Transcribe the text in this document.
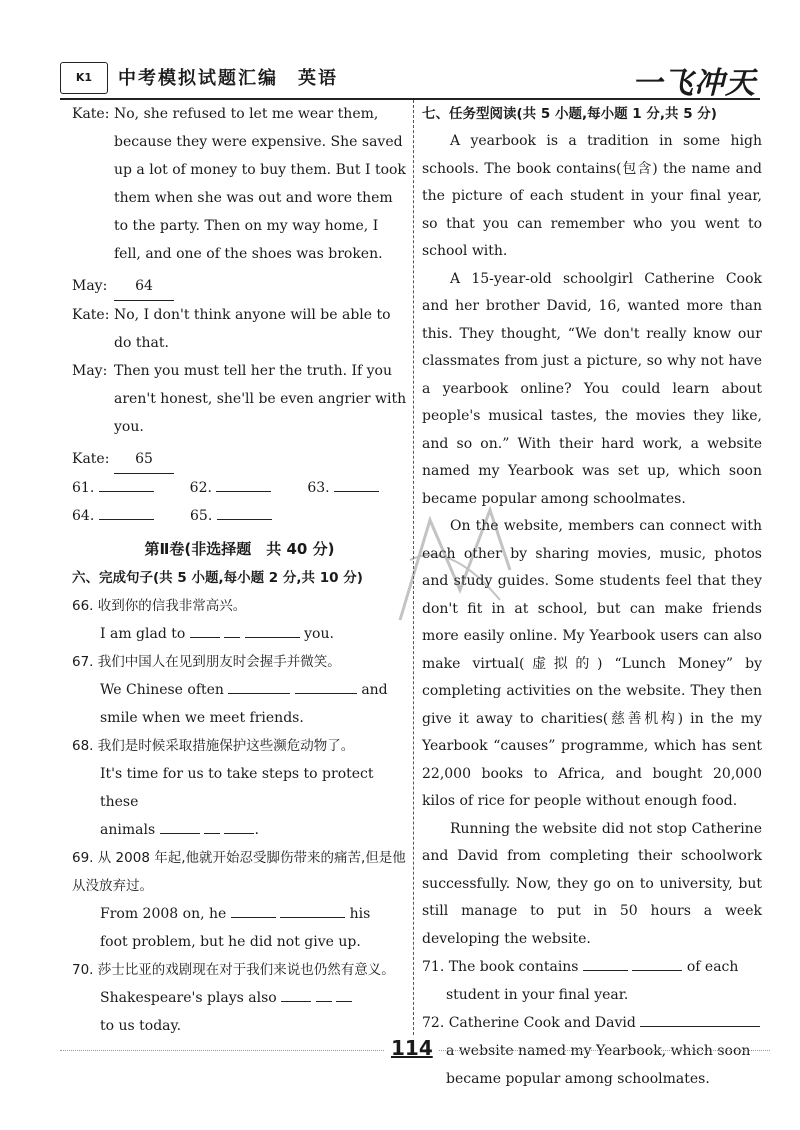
K1	中考模拟试题汇编　英语	一飞冲天
Kate: No, she refused to let me wear them, because they were expensive. She saved up a lot of money to buy them. But I took them when she was out and wore them to the party. Then on my way home, I fell, and one of the shoes was broken.
May:	64
Kate: No, I don't think anyone will be able to do that.
May: Then you must tell her the truth. If you aren't honest, she'll be even angrier with you.
Kate:	65
61.	62.	63.
64.	65.
第Ⅱ卷(非选择题　共 40 分)
六、完成句子(共 5 小题,每小题 2 分,共 10 分)
66. 收到你的信我非常高兴。
I am glad to	you.
67. 我们中国人在见到朋友时会握手并微笑。
We Chinese often	and
smile when we meet friends.
68. 我们是时候采取措施保护这些濒危动物了。
It's time for us to take steps to protect these
animals	.
69. 从 2008 年起,他就开始忍受脚伤带来的痛苦,但是他从没放弃过。
From 2008 on, he	his
foot problem, but he did not give up.
70. 莎士比亚的戏剧现在对于我们来说也仍然有意义。
Shakespeare's plays also
to us today.
七、任务型阅读(共 5 小题,每小题 1 分,共 5 分)

A yearbook is a tradition in some high schools. The book contains(包含) the name and the picture of each student in your final year, so that you can remember who you went to school with.

A 15-year-old schoolgirl Catherine Cook and her brother David, 16, wanted more than this. They thought, “We don't really know our classmates from just a picture, so why not have a yearbook online? You could learn about people's musical tastes, the movies they like, and so on.” With their hard work, a website named my Yearbook was set up, which soon became popular among schoolmates.

On the website, members can connect with each other by sharing movies, music, photos and study guides. Some students feel that they don't fit in at school, but can make friends more easily online. My Yearbook users can also make virtual(虚拟的) “Lunch Money” by completing activities on the website. They then give it away to charities(慈善机构) in the my Yearbook “causes” programme, which has sent 22,000 books to Africa, and bought 20,000 kilos of rice for people without enough food.

Running the website did not stop Catherine and David from completing their schoolwork successfully. Now, they go on to university, but still manage to put in 50 hours a week developing the website.

71. The book contains	of each
student in your final year.
72. Catherine Cook and David
a website named my Yearbook, which soon became popular among schoolmates.
114
